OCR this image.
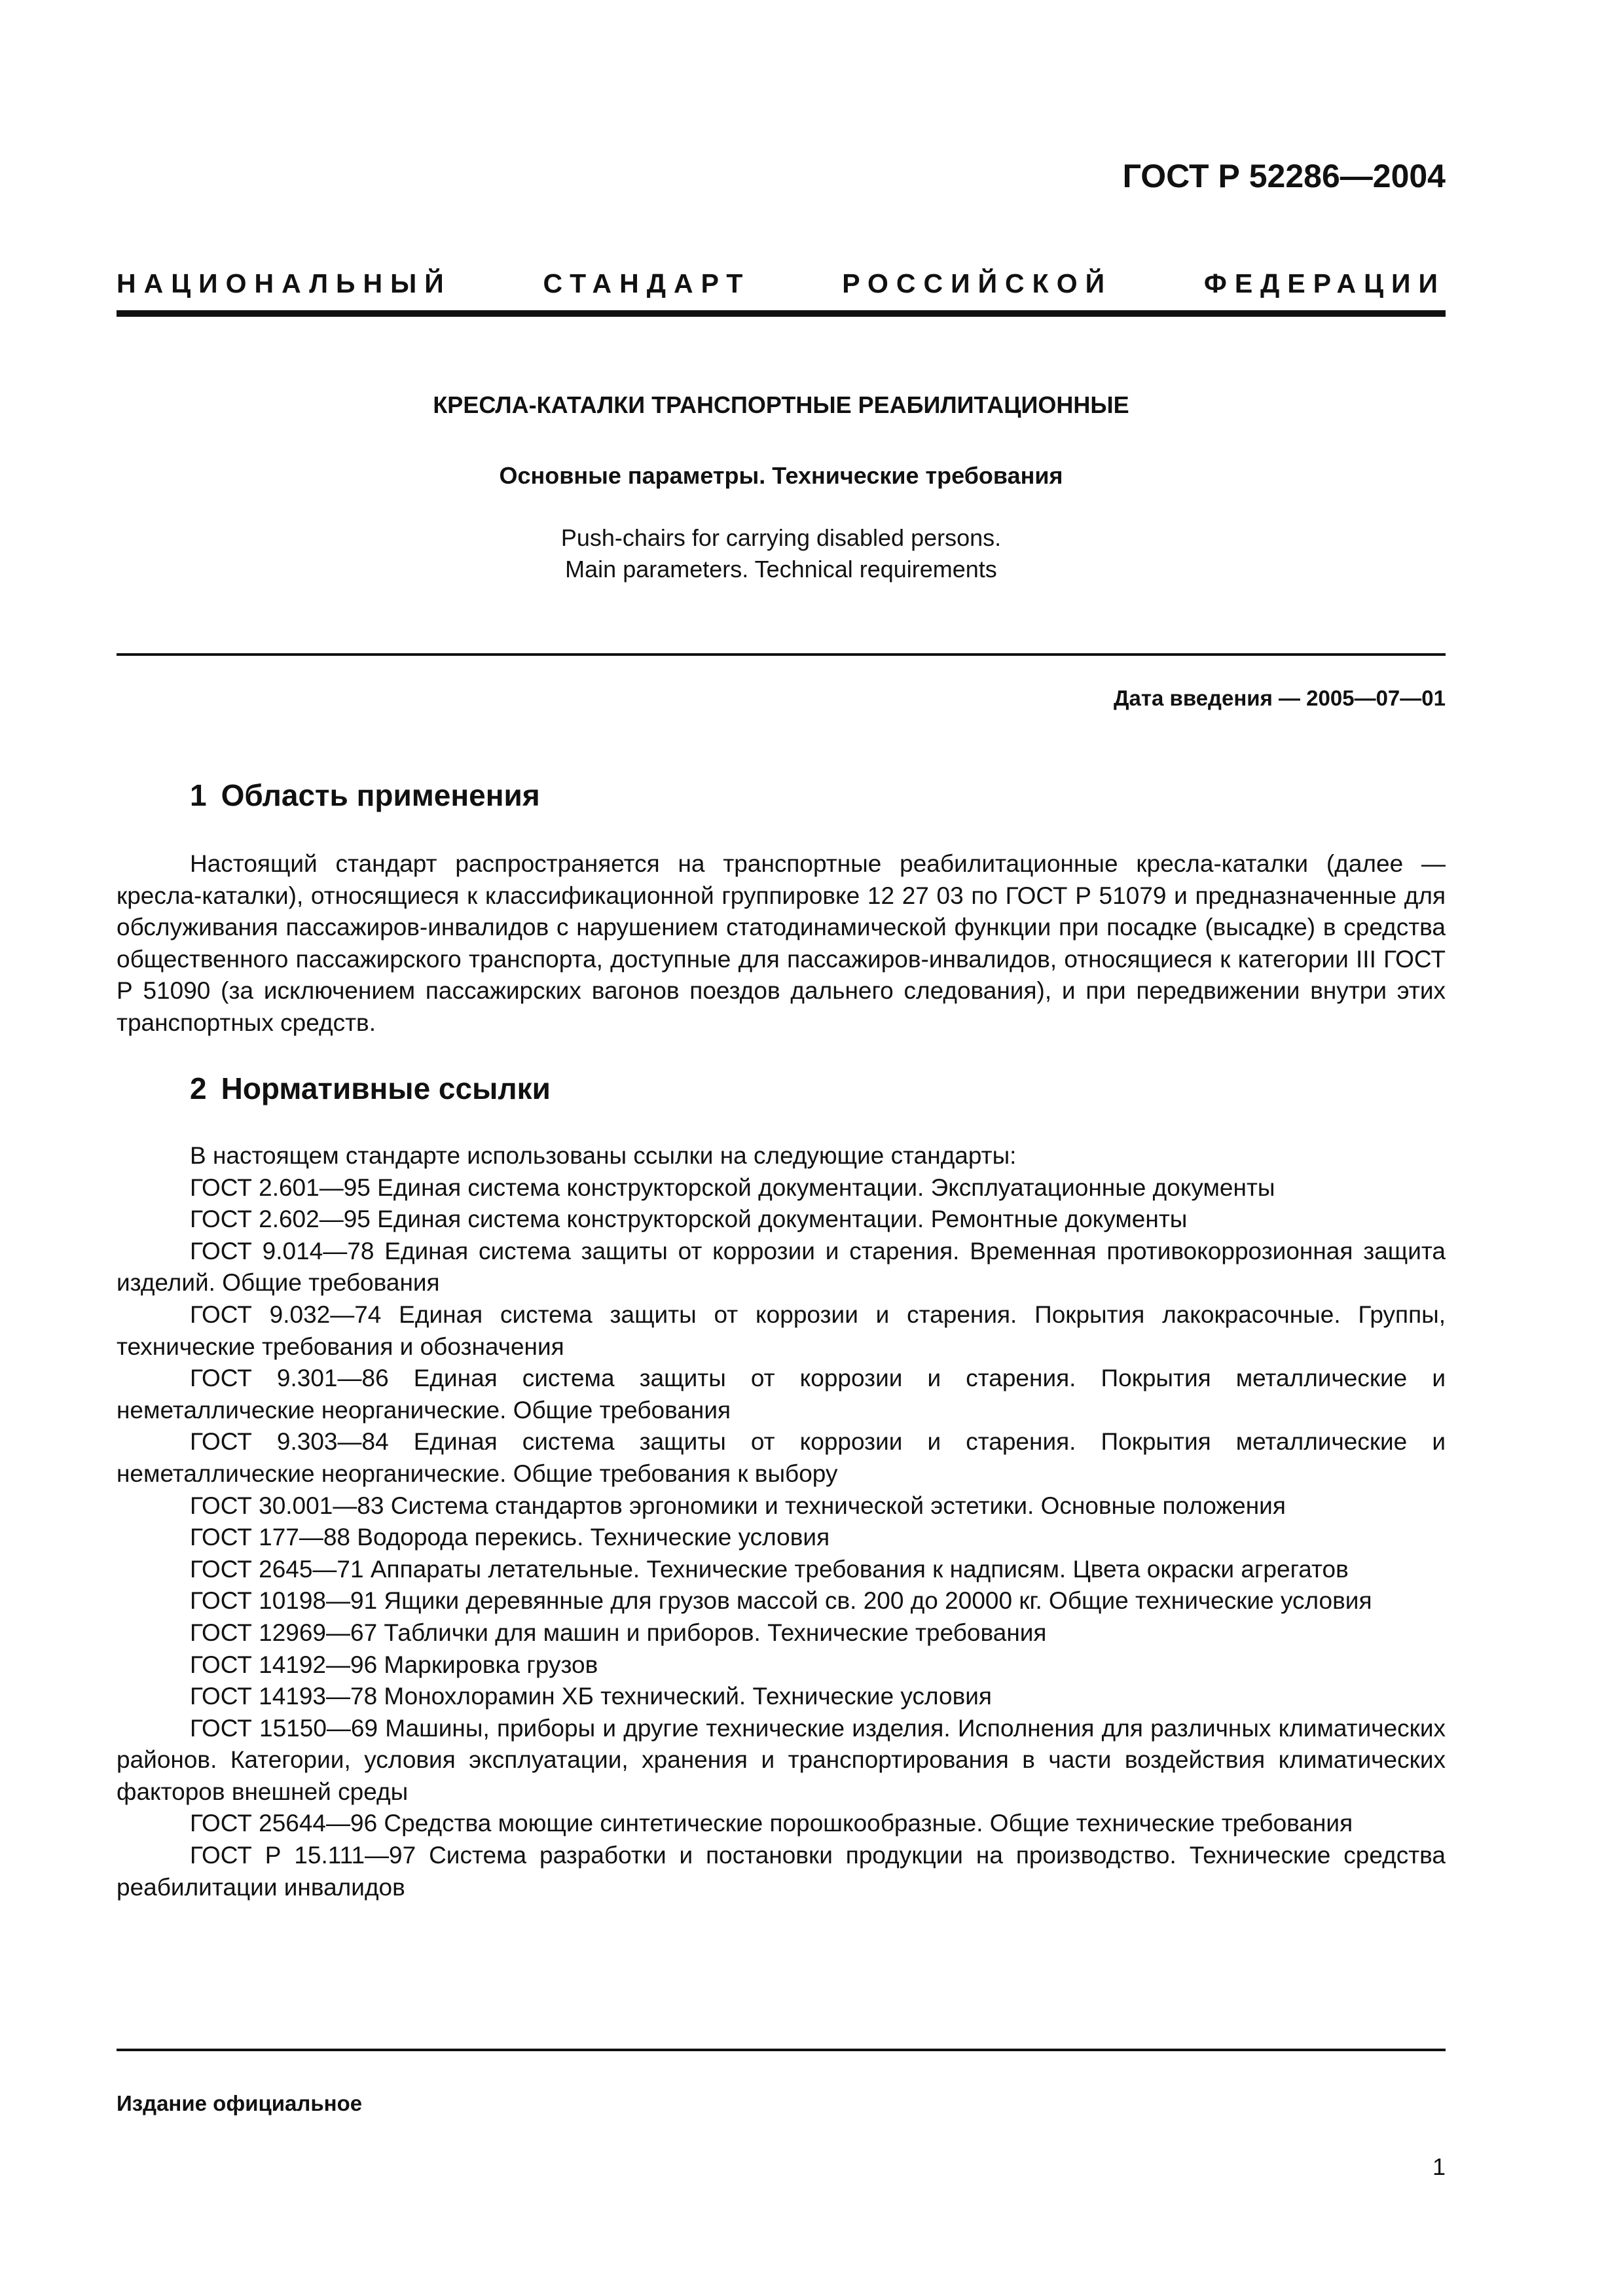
ГОСТ Р 52286—2004
НАЦИОНАЛЬНЫЙ	СТАНДАРТ	РОССИЙСКОЙ	ФЕДЕРАЦИИ
КРЕСЛА-КАТАЛКИ ТРАНСПОРТНЫЕ РЕАБИЛИТАЦИОННЫЕ
Основные параметры. Технические требования
Push-chairs for carrying disabled persons.
Main parameters. Technical requirements
Дата введения — 2005—07—01
1 Область применения

Настоящий стандарт распространяется на транспортные реабилитационные кресла-каталки (далее — кресла-каталки), относящиеся к классификационной группировке 12 27 03 по ГОСТ Р 51079 и предназначенные для обслуживания пассажиров-инвалидов с нарушением статодинамической функции при посадке (высадке) в средства общественного пассажирского транспорта, доступные для пассажиров-инвалидов, относящиеся к категории III ГОСТ Р 51090 (за исключением пассажирских вагонов поездов дальнего следования), и при передвижении внутри этих транспортных средств.

2 Нормативные ссылки

В настоящем стандарте использованы ссылки на следующие стандарты:

ГОСТ 2.601—95 Единая система конструкторской документации. Эксплуатационные документы

ГОСТ 2.602—95 Единая система конструкторской документации. Ремонтные документы

ГОСТ 9.014—78 Единая система защиты от коррозии и старения. Временная противокоррозионная защита изделий. Общие требования

ГОСТ 9.032—74 Единая система защиты от коррозии и старения. Покрытия лакокрасочные. Группы, технические требования и обозначения

ГОСТ 9.301—86 Единая система защиты от коррозии и старения. Покрытия металлические и неметаллические неорганические. Общие требования

ГОСТ 9.303—84 Единая система защиты от коррозии и старения. Покрытия металлические и неметаллические неорганические. Общие требования к выбору

ГОСТ 30.001—83 Система стандартов эргономики и технической эстетики. Основные положения

ГОСТ 177—88 Водорода перекись. Технические условия

ГОСТ 2645—71 Аппараты летательные. Технические требования к надписям. Цвета окраски агрегатов

ГОСТ 10198—91 Ящики деревянные для грузов массой св. 200 до 20000 кг. Общие технические условия

ГОСТ 12969—67 Таблички для машин и приборов. Технические требования

ГОСТ 14192—96 Маркировка грузов

ГОСТ 14193—78 Монохлорамин ХБ технический. Технические условия

ГОСТ 15150—69 Машины, приборы и другие технические изделия. Исполнения для различных климатических районов. Категории, условия эксплуатации, хранения и транспортирования в части воздействия климатических факторов внешней среды

ГОСТ 25644—96 Средства моющие синтетические порошкообразные. Общие технические требования

ГОСТ Р 15.111—97 Система разработки и постановки продукции на производство. Технические средства реабилитации инвалидов

Издание официальное
1
